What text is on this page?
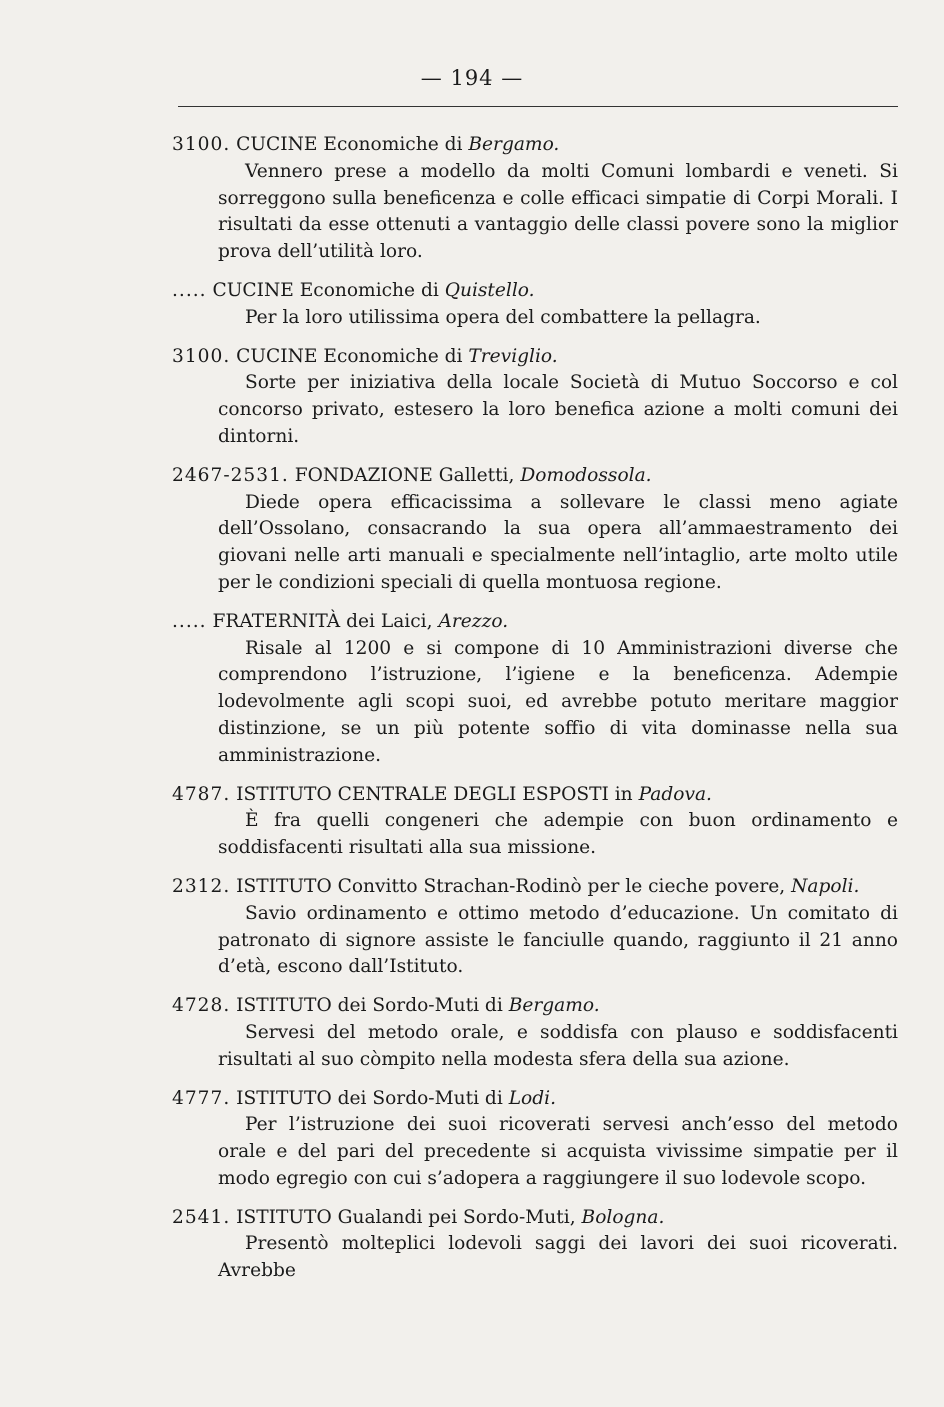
— 194 —
3100. CUCINE Economiche di Bergamo.
Vennero prese a modello da molti Comuni lombardi e veneti. Si sorreggono sulla beneficenza e colle efficaci simpatie di Corpi Morali. I risultati da esse ottenuti a vantaggio delle classi povere sono la miglior prova dell’utilità loro.
..... CUCINE Economiche di Quistello.
Per la loro utilissima opera del combattere la pellagra.
3100. CUCINE Economiche di Treviglio.
Sorte per iniziativa della locale Società di Mutuo Soccorso e col concorso privato, estesero la loro benefica azione a molti comuni dei dintorni.
2467-2531. FONDAZIONE Galletti, Domodossola.
Diede opera efficacissima a sollevare le classi meno agiate dell’Ossolano, consacrando la sua opera all’ammaestramento dei giovani nelle arti manuali e specialmente nell’intaglio, arte molto utile per le condizioni speciali di quella montuosa regione.
..... FRATERNITÀ dei Laici, Arezzo.
Risale al 1200 e si compone di 10 Amministrazioni diverse che comprendono l’istruzione, l’igiene e la beneficenza. Adempie lodevolmente agli scopi suoi, ed avrebbe potuto meritare maggior distinzione, se un più potente soffio di vita dominasse nella sua amministrazione.
4787. ISTITUTO CENTRALE DEGLI ESPOSTI in Padova.
È fra quelli congeneri che adempie con buon ordinamento e soddisfacenti risultati alla sua missione.
2312. ISTITUTO Convitto Strachan-Rodinò per le cieche povere, Napoli.
Savio ordinamento e ottimo metodo d’educazione. Un comitato di patronato di signore assiste le fanciulle quando, raggiunto il 21 anno d’età, escono dall’Istituto.
4728. ISTITUTO dei Sordo-Muti di Bergamo.
Servesi del metodo orale, e soddisfa con plauso e soddisfacenti risultati al suo còmpito nella modesta sfera della sua azione.
4777. ISTITUTO dei Sordo-Muti di Lodi.
Per l’istruzione dei suoi ricoverati servesi anch’esso del metodo orale e del pari del precedente si acquista vivissime simpatie per il modo egregio con cui s’adopera a raggiungere il suo lodevole scopo.
2541. ISTITUTO Gualandi pei Sordo-Muti, Bologna.
Presentò molteplici lodevoli saggi dei lavori dei suoi ricoverati. Avrebbe
